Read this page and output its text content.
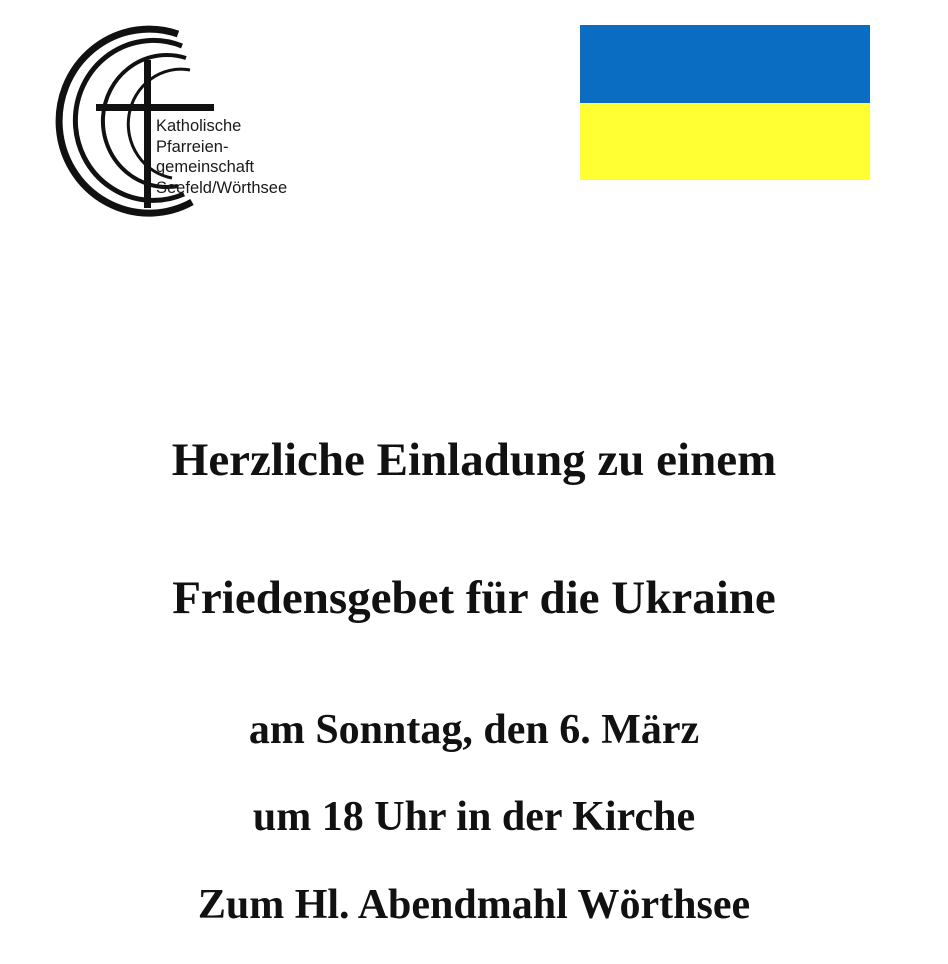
Katholische
Pfarreien-
gemeinschaft
Seefeld/Wörthsee
Herzliche Einladung zu einem
Friedensgebet für die Ukraine
am Sonntag, den 6. März
um 18 Uhr in der Kirche
Zum Hl. Abendmahl Wörthsee
